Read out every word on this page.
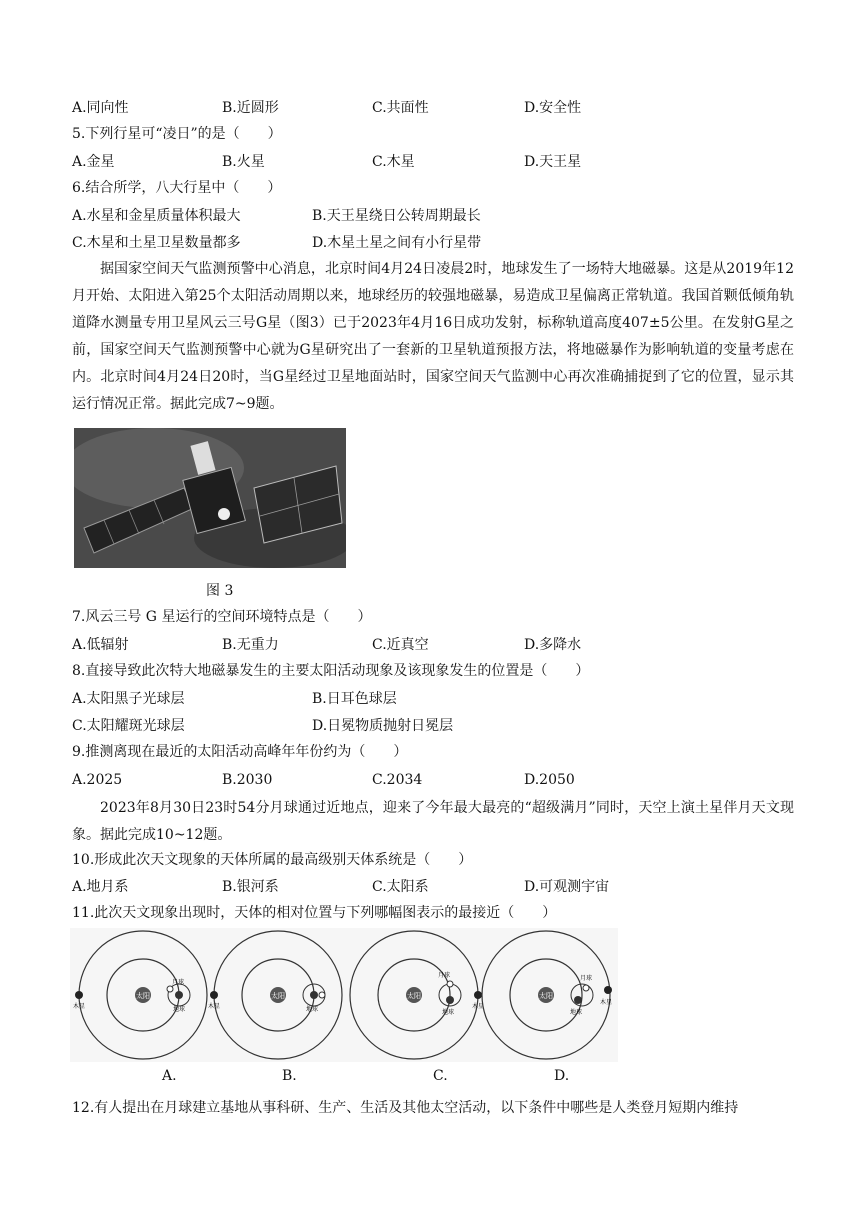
A.同向性	B.近圆形	C.共面性	D.安全性
5.下列行星可“凌日”的是（　　）
A.金星	B.火星	C.木星	D.天王星
6.结合所学，八大行星中（　　）
A.水星和金星质量体积最大	B.天王星绕日公转周期最长
C.木星和土星卫星数量都多	D.木星土星之间有小行星带
据国家空间天气监测预警中心消息，北京时间4月24日凌晨2时，地球发生了一场特大地磁暴。这是从2019年12月开始、太阳进入第25个太阳活动周期以来，地球经历的较强地磁暴，易造成卫星偏离正常轨道。我国首颗低倾角轨道降水测量专用卫星风云三号G星（图3）已于2023年4月16日成功发射，标称轨道高度407±5公里。在发射G星之前，国家空间天气监测预警中心就为G星研究出了一套新的卫星轨道预报方法，将地磁暴作为影响轨道的变量考虑在内。北京时间4月24日20时，当G星经过卫星地面站时，国家空间天气监测中心再次准确捕捉到了它的位置，显示其运行情况正常。据此完成7~9题。
图 3
7.风云三号 G 星运行的空间环境特点是（　　）
A.低辐射	B.无重力	C.近真空	D.多降水
8.直接导致此次特大地磁暴发生的主要太阳活动现象及该现象发生的位置是（　　）
A.太阳黑子光球层	B.日耳色球层
C.太阳耀斑光球层	D.日冕物质抛射日冕层
9.推测离现在最近的太阳活动高峰年年份约为（　　）
A.2025	B.2030	C.2034	D.2050
2023年8月30日23时54分月球通过近地点，迎来了今年最大最亮的“超级满月”同时，天空上演土星伴月天文现象。据此完成10~12题。
10.形成此次天文现象的天体所属的最高级别天体系统是（　　）
A.地月系	B.银河系	C.太阳系	D.可观测宇宙
11.此次天文现象出现时，天体的相对位置与下列哪幅图表示的最接近（　　）
太阳
月球
地球
木星
太阳
地球
木星
太阳
月球
地球
木星
太阳
月球
地球
木星
A.	B.	C.	D.
12.有人提出在月球建立基地从事科研、生产、生活及其他太空活动，以下条件中哪些是人类登月短期内维持
